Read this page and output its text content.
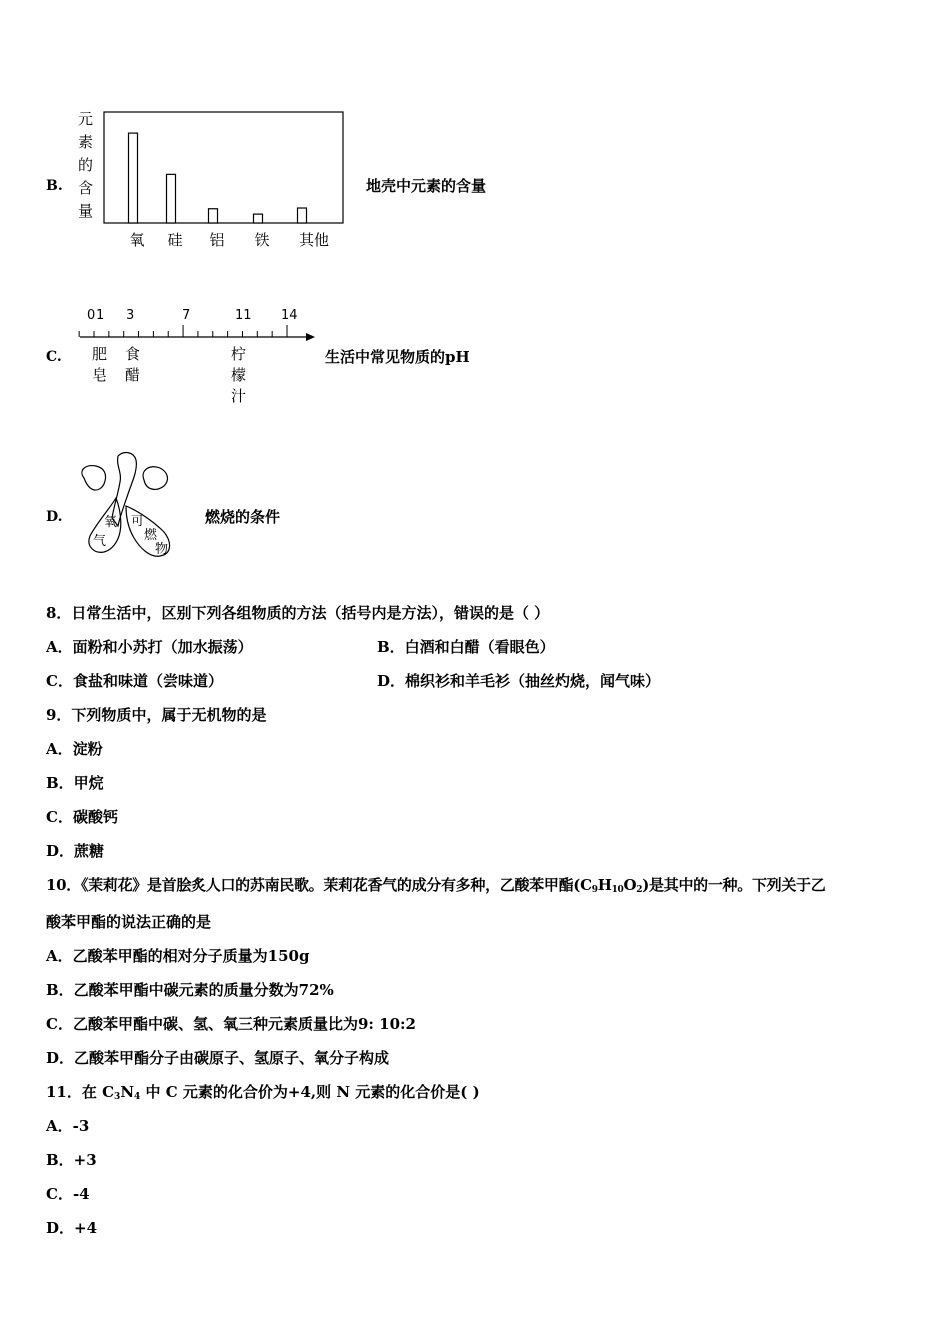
B.
元
素
的
含
量
氧 硅 铝 铁 其他
地壳中元素的含量
C.
0 1 3	7	11 14
肥
皂
食
醋
柠
檬
汁
生活中常见物质的pH
D.	氧
气
可
燃
物
燃烧的条件
8．日常生活中，区别下列各组物质的方法（括号内是方法），错误的是（ ）
A．面粉和小苏打（加水振荡）	B．白酒和白醋（看眼色）
C．食盐和味道（尝味道）	D．棉织衫和羊毛衫（抽丝灼烧，闻气味）
9．下列物质中，属于无机物的是
A．淀粉
B．甲烷
C．碳酸钙
D．蔗糖
10．《茉莉花》是首脍炙人口的苏南民歌。茉莉花香气的成分有多种，乙酸苯甲酯$(C_9H_{10}O_2)$是其中的一种。下列关于乙
酸苯甲酯的说法正确的是
A．乙酸苯甲酯的相对分子质量为150g
B．乙酸苯甲酯中碳元素的质量分数为72%
C．乙酸苯甲酯中碳、氢、氧三种元素质量比为9: 10:2
D．乙酸苯甲酯分子由碳原子、氢原子、氧分子构成
11．在 $C_3N_4$ 中 C 元素的化合价为+4,则 N 元素的化合价是( )
A．-3
B．+3
C．-4
D．+4
